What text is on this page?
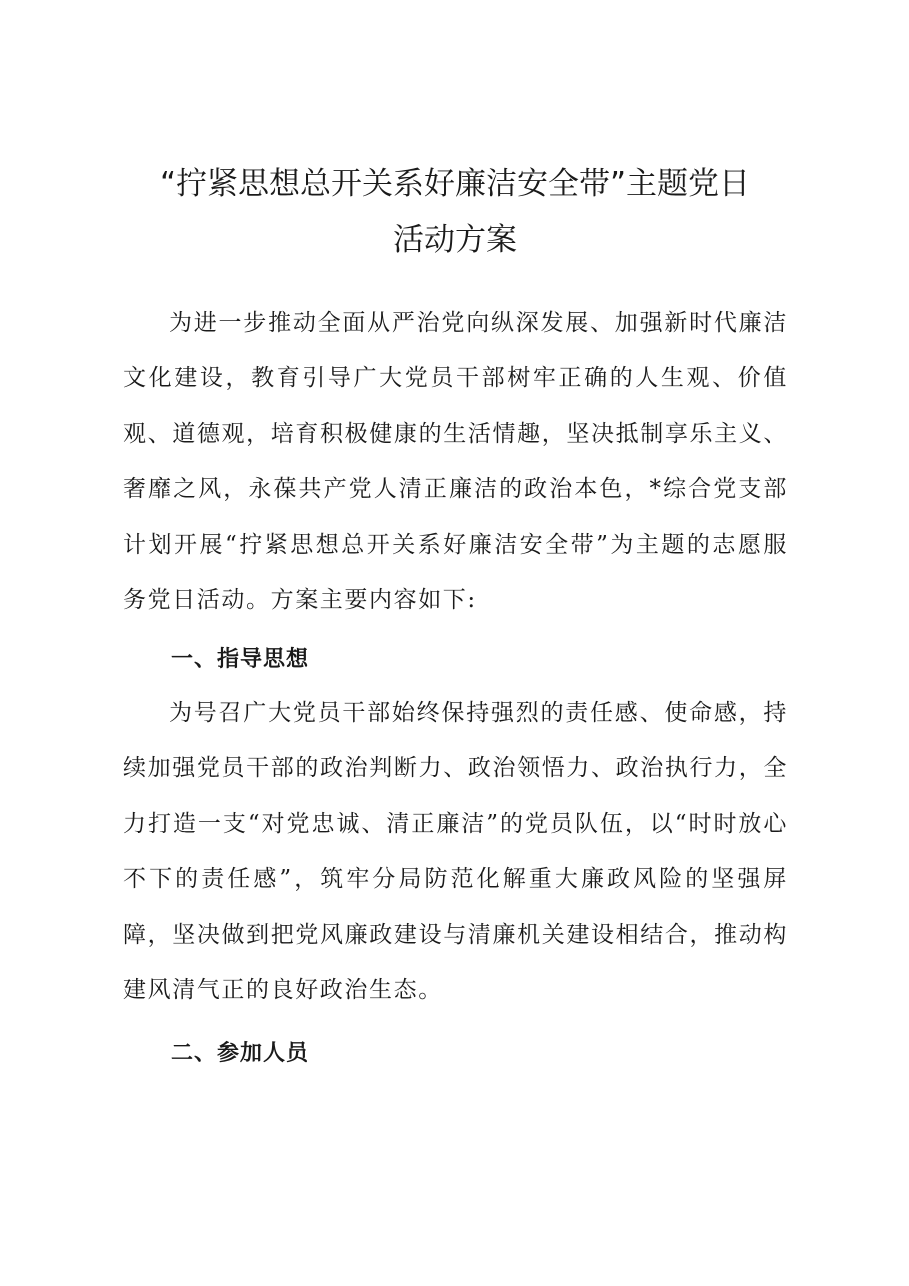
“拧紧思想总开关系好廉洁安全带”主题党日
活动方案

为进一步推动全面从严治党向纵深发展、加强新时代廉洁文化建设，教育引导广大党员干部树牢正确的人生观、价值观、道德观，培育积极健康的生活情趣，坚决抵制享乐主义、奢靡之风，永葆共产党人清正廉洁的政治本色，*综合党支部计划开展“拧紧思想总开关系好廉洁安全带”为主题的志愿服务党日活动。方案主要内容如下:

一、指导思想

为号召广大党员干部始终保持强烈的责任感、使命感，持续加强党员干部的政治判断力、政治领悟力、政治执行力，全力打造一支“对党忠诚、清正廉洁”的党员队伍，以“时时放心不下的责任感”，筑牢分局防范化解重大廉政风险的坚强屏障，坚决做到把党风廉政建设与清廉机关建设相结合，推动构建风清气正的良好政治生态。

二、参加人员
